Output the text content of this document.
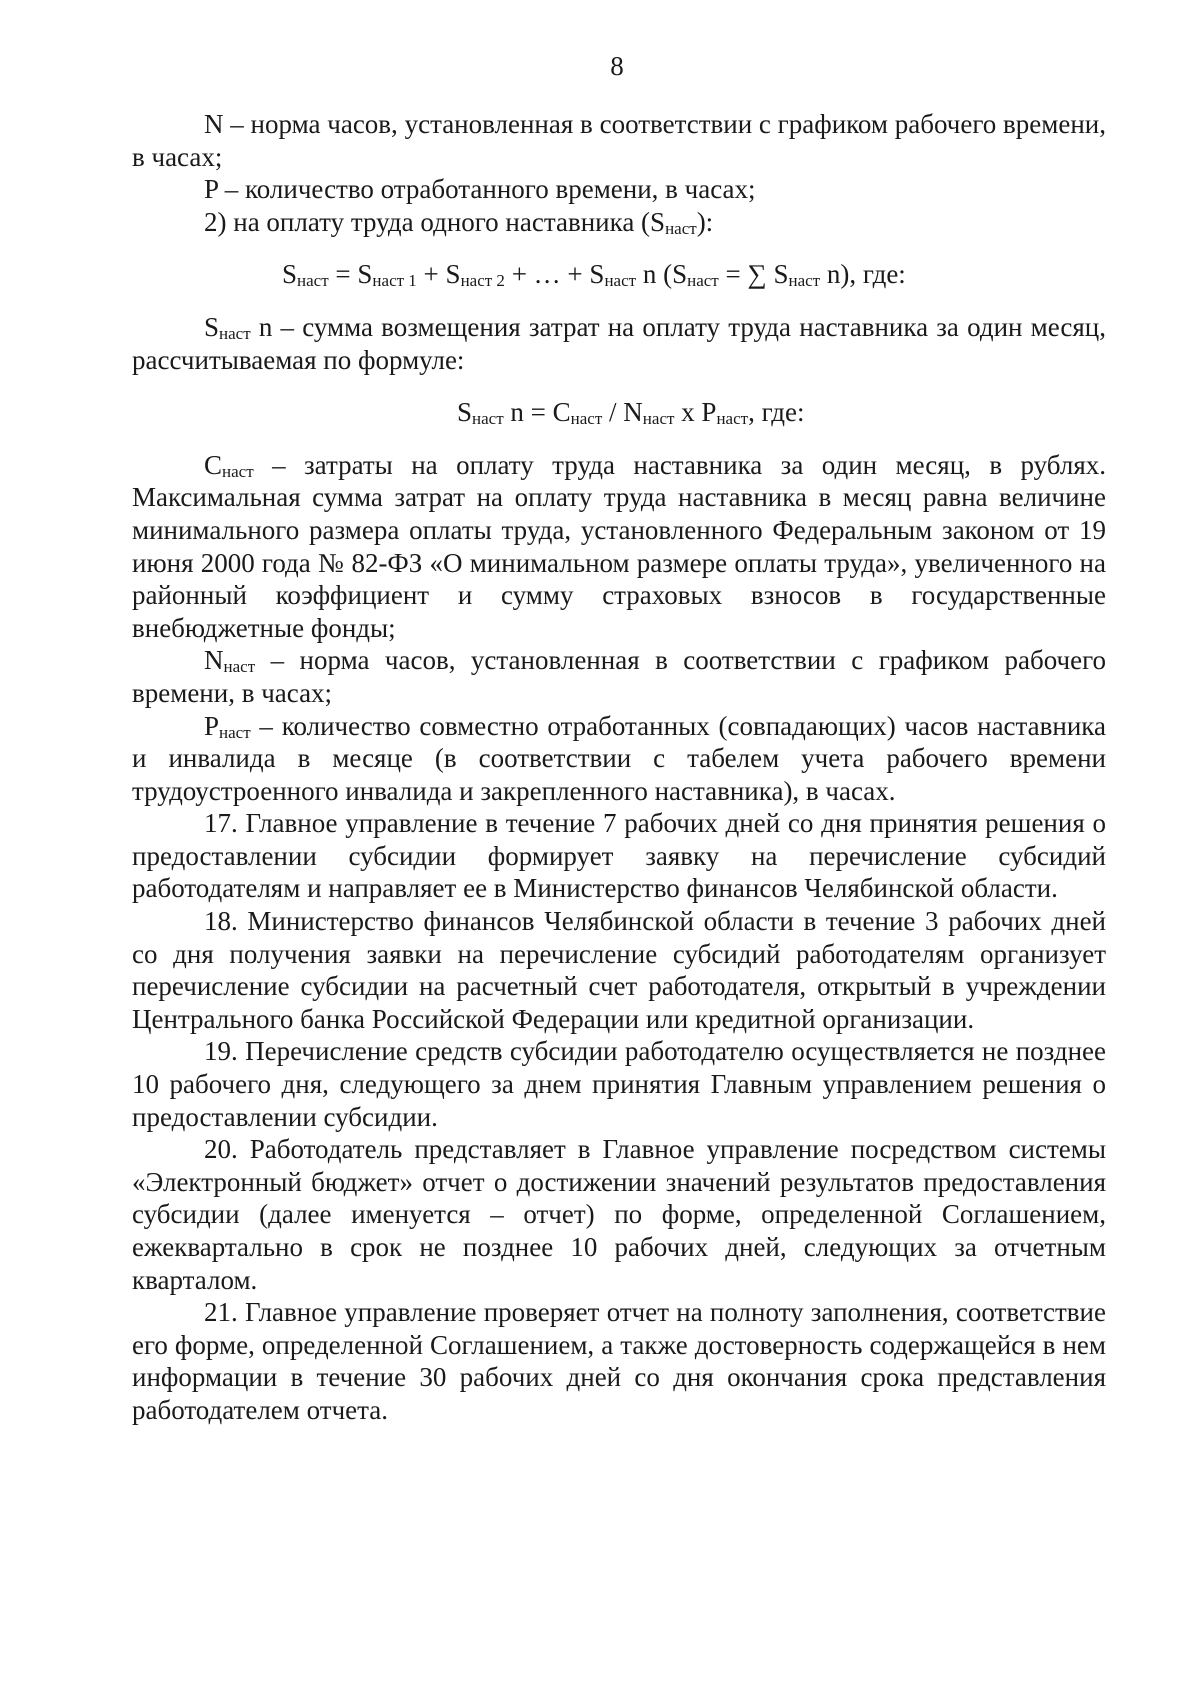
8

N – норма часов, установленная в соответствии с графиком рабочего времени, в часах;

P – количество отработанного времени, в часах;

2) на оплату труда одного наставника (Sнаст):

Sнаст = Sнаст 1 + Sнаст 2 + … + Sнаст n (Sнаст = ∑ Sнаст n), где:

Sнаст n – сумма возмещения затрат на оплату труда наставника за один месяц, рассчитываемая по формуле:

Sнаст n = Снаст / Nнаст x Рнаст, где:

Снаст – затраты на оплату труда наставника за один месяц, в рублях. Максимальная сумма затрат на оплату труда наставника в месяц равна величине минимального размера оплаты труда, установленного Федеральным законом от 19 июня 2000 года № 82-ФЗ «О минимальном размере оплаты труда», увеличенного на районный коэффициент и сумму страховых взносов в государственные внебюджетные фонды;

Nнаст – норма часов, установленная в соответствии с графиком рабочего времени, в часах;

Рнаст – количество совместно отработанных (совпадающих) часов наставника и инвалида в месяце (в соответствии с табелем учета рабочего времени трудоустроенного инвалида и закрепленного наставника), в часах.

17. Главное управление в течение 7 рабочих дней со дня принятия решения о предоставлении субсидии формирует заявку на перечисление субсидий работодателям и направляет ее в Министерство финансов Челябинской области.

18. Министерство финансов Челябинской области в течение 3 рабочих дней со дня получения заявки на перечисление субсидий работодателям организует перечисление субсидии на расчетный счет работодателя, открытый в учреждении Центрального банка Российской Федерации или кредитной организации.

19. Перечисление средств субсидии работодателю осуществляется не позднее 10 рабочего дня, следующего за днем принятия Главным управлением решения о предоставлении субсидии.

20. Работодатель представляет в Главное управление посредством системы «Электронный бюджет» отчет о достижении значений результатов предоставления субсидии (далее именуется – отчет) по форме, определенной Соглашением, ежеквартально в срок не позднее 10 рабочих дней, следующих за отчетным кварталом.

21. Главное управление проверяет отчет на полноту заполнения, соответствие его форме, определенной Соглашением, а также достоверность содержащейся в нем информации в течение 30 рабочих дней со дня окончания срока представления работодателем отчета.
